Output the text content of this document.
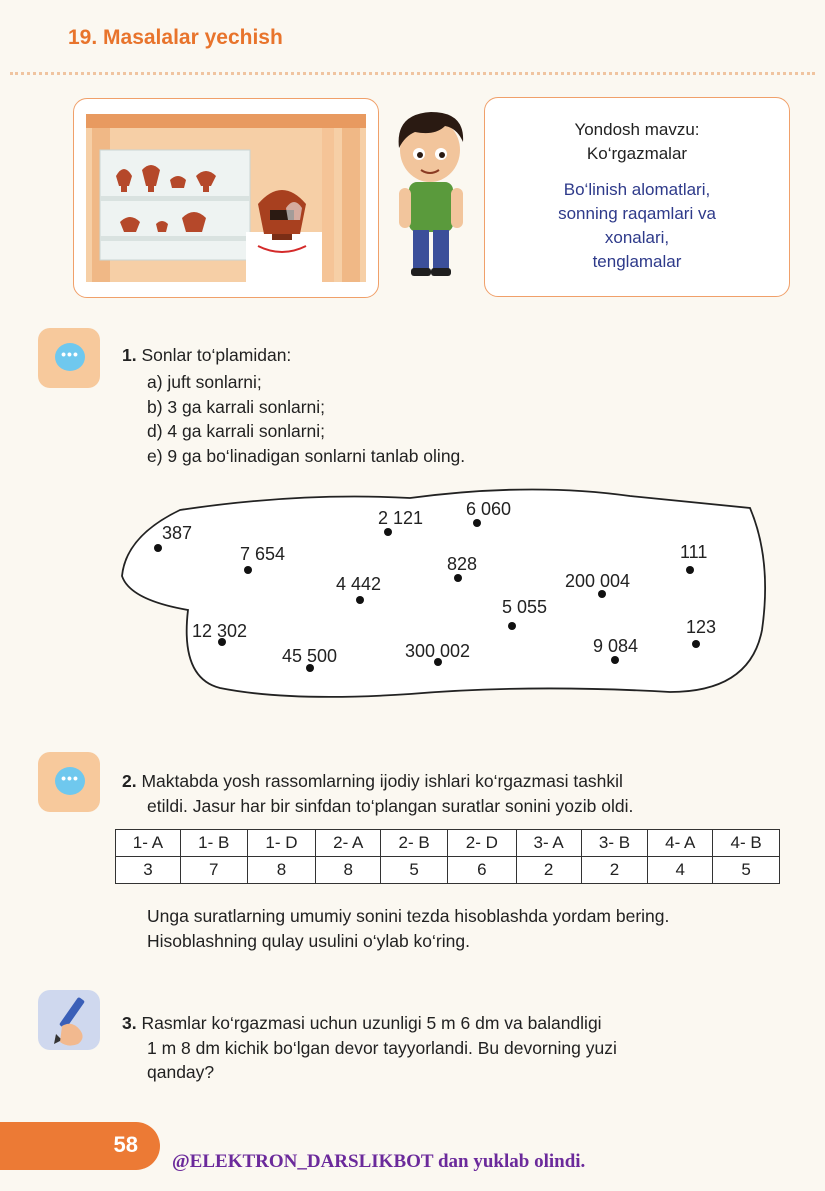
19. Masalalar yechish
Yondosh mavzu:
Ko‘rgazmalar
Bo‘linish alomatlari,
sonning raqamlari va
xonalari,
tenglamalar
•••	1. Sonlar to‘plamidan:
a) juft sonlarni;
b) 3 ga karrali sonlarni;
d) 4 ga karrali sonlarni;
e) 9 ga bo‘linadigan sonlarni tanlab oling.
387
7 654
2 121 6 060
828
4 442
111
200 004
5 055
12 302
45 500	300 002	9 084
123
•••	2. Maktabda yosh rassomlarning ijodiy ishlari ko‘rgazmasi tashkil
etildi. Jasur har bir sinfdan to‘plangan suratlar sonini yozib oldi.
1- A	1- B	1- D	2- A	2- B	2- D	3- A	3- B	4- A	4- B
3	7	8	8	5	6	2	2	4	5
Unga suratlarning umumiy sonini tezda hisoblashda yordam bering.
Hisoblashning qulay usulini o‘ylab ko‘ring.
3. Rasmlar ko‘rgazmasi uchun uzunligi 5 m 6 dm va balandligi
1 m 8 dm kichik bo‘lgan devor tayyorlandi. Bu devorning yuzi
qanday?
58
@ELEKTRON_DARSLIKBOT dan yuklab olindi.
